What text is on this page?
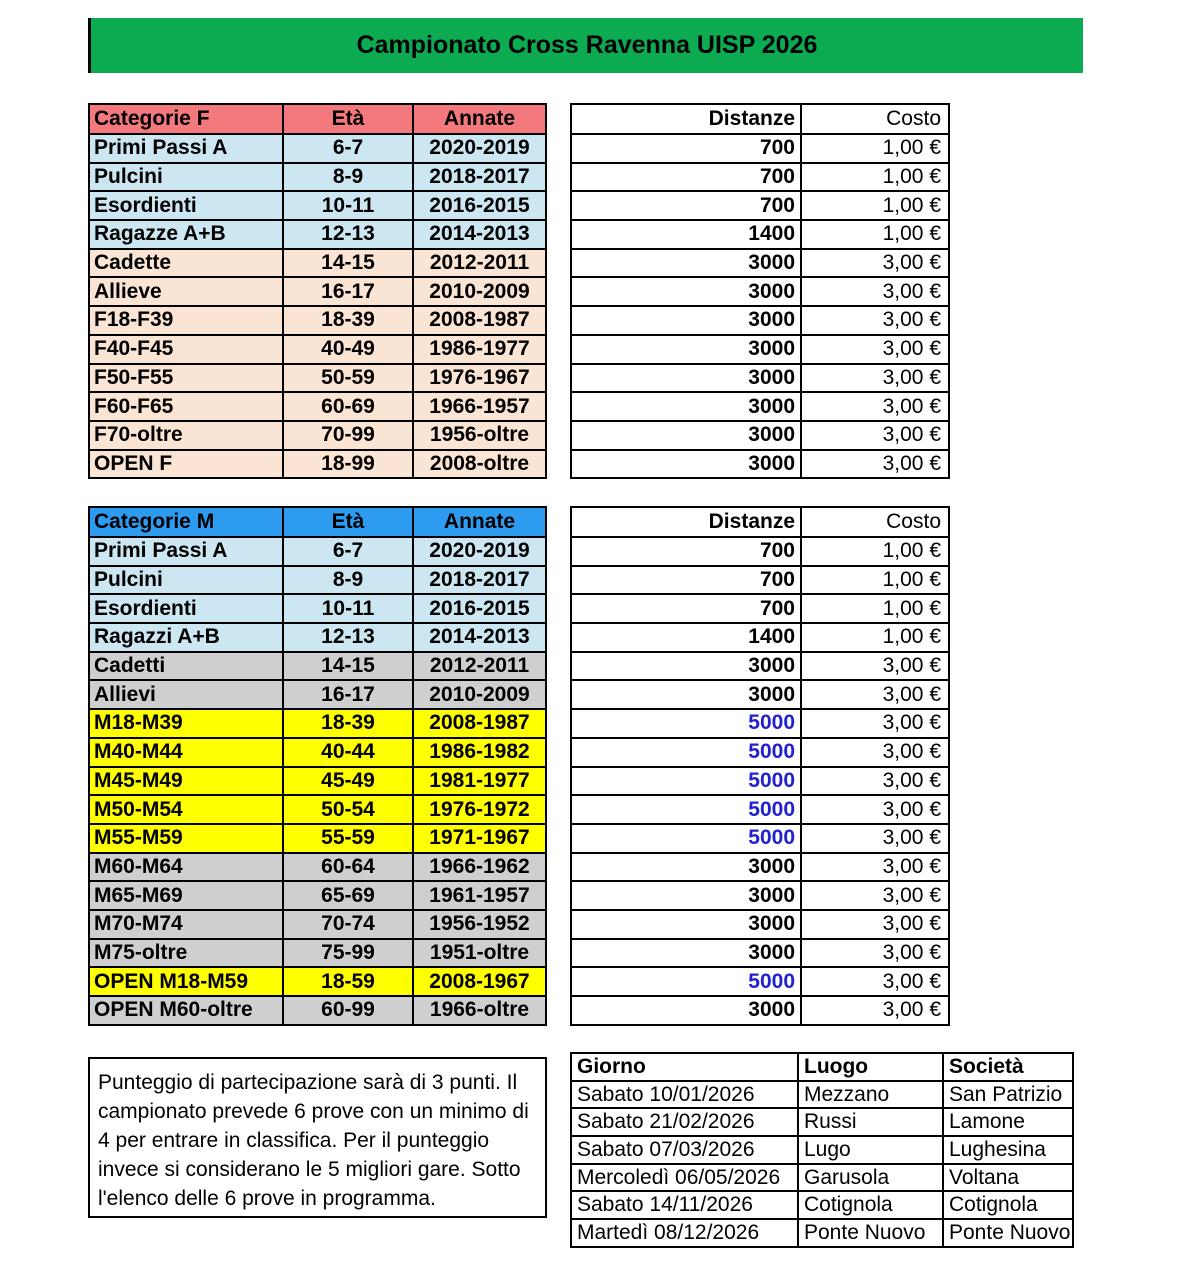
Campionato Cross Ravenna UISP 2026
Categorie F	Età	Annate
Primi Passi A	6-7	2020-2019
Pulcini	8-9	2018-2017
Esordienti	10-11	2016-2015
Ragazze A+B	12-13	2014-2013
Cadette	14-15	2012-2011
Allieve	16-17	2010-2009
F18-F39	18-39	2008-1987
F40-F45	40-49	1986-1977
F50-F55	50-59	1976-1967
F60-F65	60-69	1966-1957
F70-oltre	70-99	1956-oltre
OPEN F	18-99	2008-oltre
Distanze	Costo
700	1,00 €
700	1,00 €
700	1,00 €
1400	1,00 €
3000	3,00 €
3000	3,00 €
3000	3,00 €
3000	3,00 €
3000	3,00 €
3000	3,00 €
3000	3,00 €
3000	3,00 €
Categorie M	Età	Annate
Primi Passi A	6-7	2020-2019
Pulcini	8-9	2018-2017
Esordienti	10-11	2016-2015
Ragazzi A+B	12-13	2014-2013
Cadetti	14-15	2012-2011
Allievi	16-17	2010-2009
M18-M39	18-39	2008-1987
M40-M44	40-44	1986-1982
M45-M49	45-49	1981-1977
M50-M54	50-54	1976-1972
M55-M59	55-59	1971-1967
M60-M64	60-64	1966-1962
M65-M69	65-69	1961-1957
M70-M74	70-74	1956-1952
M75-oltre	75-99	1951-oltre
OPEN M18-M59	18-59	2008-1967
OPEN M60-oltre	60-99	1966-oltre
Distanze	Costo
700	1,00 €
700	1,00 €
700	1,00 €
1400	1,00 €
3000	3,00 €
3000	3,00 €
5000	3,00 €
5000	3,00 €
5000	3,00 €
5000	3,00 €
5000	3,00 €
3000	3,00 €
3000	3,00 €
3000	3,00 €
3000	3,00 €
5000	3,00 €
3000	3,00 €

Punteggio di partecipazione sarà di 3 punti. Il campionato prevede 6 prove con un minimo di 4 per entrare in classifica. Per il punteggio invece si considerano le 5 migliori gare. Sotto l'elenco delle 6 prove in programma.

Giorno	Luogo	Società
Sabato 10/01/2026	Mezzano	San Patrizio
Sabato 21/02/2026	Russi	Lamone
Sabato 07/03/2026	Lugo	Lughesina
Mercoledì 06/05/2026	Garusola	Voltana
Sabato 14/11/2026	Cotignola	Cotignola
Martedì 08/12/2026	Ponte Nuovo	Ponte Nuovo
